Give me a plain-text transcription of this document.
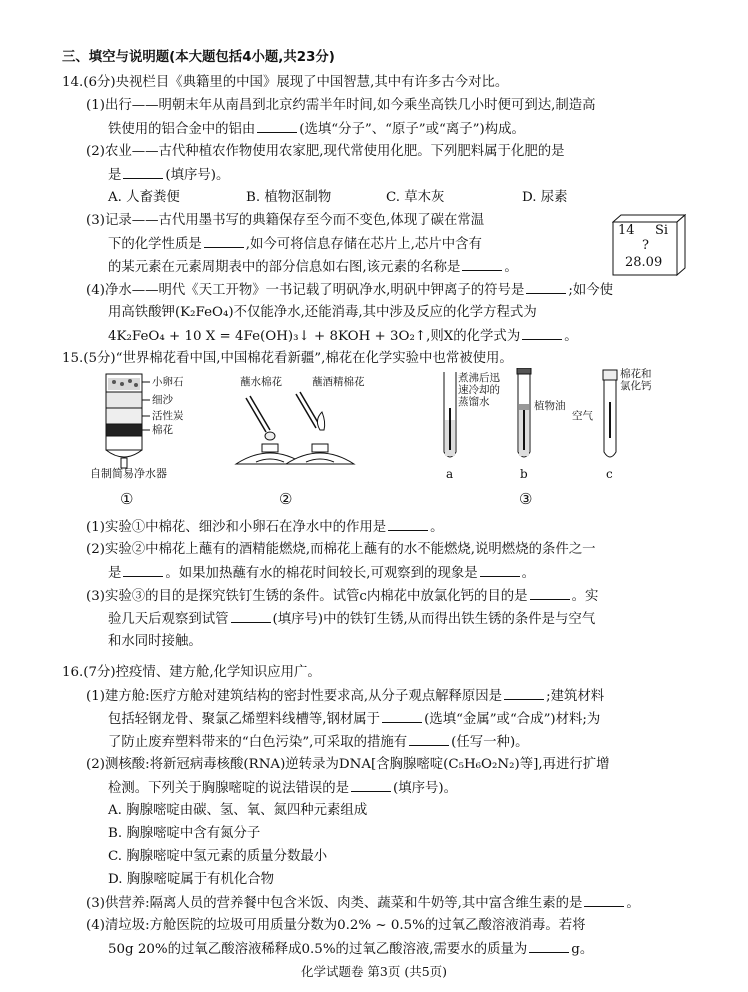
三、填空与说明题(本大题包括4小题,共23分)
14.(6分)央视栏目《典籍里的中国》展现了中国智慧,其中有许多古今对比。
(1)出行——明朝末年从南昌到北京约需半年时间,如今乘坐高铁几小时便可到达,制造高
铁使用的铝合金中的铝由	(选填“分子”、“原子”或“离子”)构成。
(2)农业——古代种植农作物使用农家肥,现代常使用化肥。下列肥料属于化肥的是
是	(填序号)。
A. 人畜粪便	B. 植物沤制物	C. 草木灰	D. 尿素
(3)记录——古代用墨书写的典籍保存至今而不变色,体现了碳在常温
下的化学性质是	,如今可将信息存储在芯片上,芯片中含有
的某元素在元素周期表中的部分信息如右图,该元素的名称是	。
14 Si
?
28.09
(4)净水——明代《天工开物》一书记载了明矾净水,明矾中钾离子的符号是	;如今使
用高铁酸钾(K₂FeO₄)不仅能净水,还能消毒,其中涉及反应的化学方程式为
4K₂FeO₄ + 10 X = 4Fe(OH)₃↓ + 8KOH + 3O₂↑,则X的化学式为	。
15.(5分)“世界棉花看中国,中国棉花看新疆”,棉花在化学实验中也常被使用。
小卵石
细沙
活性炭
棉花
自制简易净水器
①
蘸水棉花	蘸酒精棉花
②
煮沸后迅速冷却的蒸馏水	植物油
空气
棉花和氯化钙
a	b	c
③
(1)实验①中棉花、细沙和小卵石在净水中的作用是	。
(2)实验②中棉花上蘸有的酒精能燃烧,而棉花上蘸有的水不能燃烧,说明燃烧的条件之一
是	。如果加热蘸有水的棉花时间较长,可观察到的现象是	。
(3)实验③的目的是探究铁钉生锈的条件。试管c内棉花中放氯化钙的目的是	。实
验几天后观察到试管	(填序号)中的铁钉生锈,从而得出铁生锈的条件是与空气
和水同时接触。
16.(7分)控疫情、建方舱,化学知识应用广。
(1)建方舱:医疗方舱对建筑结构的密封性要求高,从分子观点解释原因是	;建筑材料
包括轻钢龙骨、聚氯乙烯塑料线槽等,钢材属于	(选填“金属”或“合成”)材料;为
了防止废弃塑料带来的“白色污染”,可采取的措施有	(任写一种)。
(2)测核酸:将新冠病毒核酸(RNA)逆转录为DNA[含胸腺嘧啶(C₅H₆O₂N₂)等],再进行扩增
检测。下列关于胸腺嘧啶的说法错误的是	(填序号)。
A. 胸腺嘧啶由碳、氢、氧、氮四种元素组成
B. 胸腺嘧啶中含有氮分子
C. 胸腺嘧啶中氢元素的质量分数最小
D. 胸腺嘧啶属于有机化合物
(3)供营养:隔离人员的营养餐中包含米饭、肉类、蔬菜和牛奶等,其中富含维生素的是	。
(4)清垃圾:方舱医院的垃圾可用质量分数为0.2% ~ 0.5%的过氧乙酸溶液消毒。若将
50g 20%的过氧乙酸溶液稀释成0.5%的过氧乙酸溶液,需要水的质量为	g。
化学试题卷 第3页 (共5页)
